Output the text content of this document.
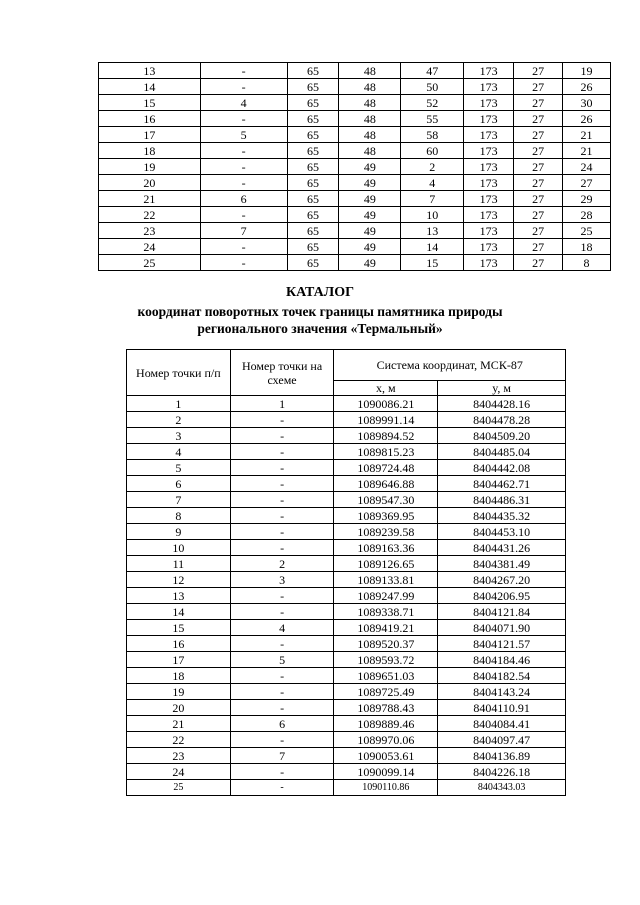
13	-	65	48	47	173	27	19
14	-	65	48	50	173	27	26
15	4	65	48	52	173	27	30
16	-	65	48	55	173	27	26
17	5	65	48	58	173	27	21
18	-	65	48	60	173	27	21
19	-	65	49	2	173	27	24
20	-	65	49	4	173	27	27
21	6	65	49	7	173	27	29
22	-	65	49	10	173	27	28
23	7	65	49	13	173	27	25
24	-	65	49	14	173	27	18
25	-	65	49	15	173	27	8
КАТАЛОГ
координат поворотных точек границы памятника природы
регионального значения «Термальный»
Номер точки п/п	Номер точки на схеме	Система координат, МСК-87	
		x, м	y, м
1	1	1090086.21	8404428.16
2	-	1089991.14	8404478.28
3	-	1089894.52	8404509.20
4	-	1089815.23	8404485.04
5	-	1089724.48	8404442.08
6	-	1089646.88	8404462.71
7	-	1089547.30	8404486.31
8	-	1089369.95	8404435.32
9	-	1089239.58	8404453.10
10	-	1089163.36	8404431.26
11	2	1089126.65	8404381.49
12	3	1089133.81	8404267.20
13	-	1089247.99	8404206.95
14	-	1089338.71	8404121.84
15	4	1089419.21	8404071.90
16	-	1089520.37	8404121.57
17	5	1089593.72	8404184.46
18	-	1089651.03	8404182.54
19	-	1089725.49	8404143.24
20	-	1089788.43	8404110.91
21	6	1089889.46	8404084.41
22	-	1089970.06	8404097.47
23	7	1090053.61	8404136.89
24	-	1090099.14	8404226.18
25	-	1090110.86	8404343.03
